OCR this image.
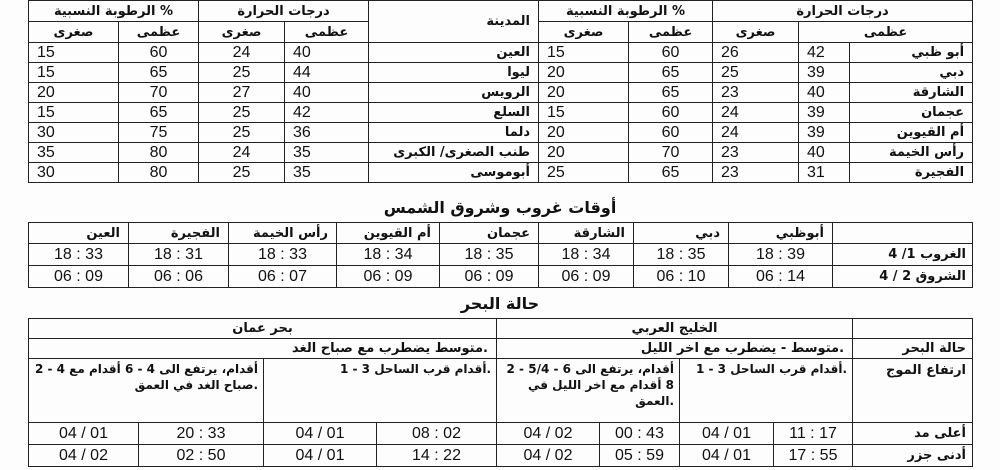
الرطوبة النسبية %		درجات الحرارة		المدينة	الرطوبة النسبية %		درجات الحرارة	
صغرى	عظمى	صغرى	عظمى		صغرى	عظمى	صغرى	عظمى	
15	60	24	40	العين	15	60	26	42 أبو ظبي	

15	65	25	44	ليوا	20	65	25	39 دبي	

20	70	27	40	الرويس	20	65	23	40 الشارقة	

15	65	25	42	السلع	15	60	24	39 عجمان	

30	75	25	36	دلما	20	60	24	39 أم القيوين	

35	80	24	35	طنب الصغرى/ الكبرى	20	70	23	40 رأس الخيمة	

30	80	25	35	أبوموسى	25	65	23	31 الفجيرة	
أوقات غروب وشروق الشمس
العين	الفجيرة	رأس الخيمة	أم القيوين	عجمان	الشارقة	دبي	أبوظبي	
18 : 33	18 : 31	18 : 33	18 : 34	18 : 35	18 : 34	18 : 35	18 : 39	الغروب 1/ 4
06 : 09	06 : 06	06 : 07	06 : 09	06 : 09	06 : 09	06 : 10	06 : 14	الشروق 2 / 4
حالة البحر
بحر عمان				الخليج العربي				
متوسط يضطرب مع صباح الغد.				متوسط - يضطرب مع اخر الليل.				حالة البحر
2 - 4 أقدام، يرتفع الى 4 - 6 أقدام مع صباح الغد في العمق.		1 - 3 أقدام قرب الساحل.		2 - 5/4 أقدام، يرتفع الى 6 - 8 أقدام مع اخر الليل في العمق.		1 - 3 أقدام قرب الساحل.		ارتفاع الموج
04 / 01	20 : 33	04 / 01	08 : 02	04 / 02	00 : 43	04 / 01	11 : 17	أعلى مد
04 / 02	02 : 50	04 / 01	14 : 22	04 / 02	05 : 59	04 / 01	17 : 55	أدنى جزر
